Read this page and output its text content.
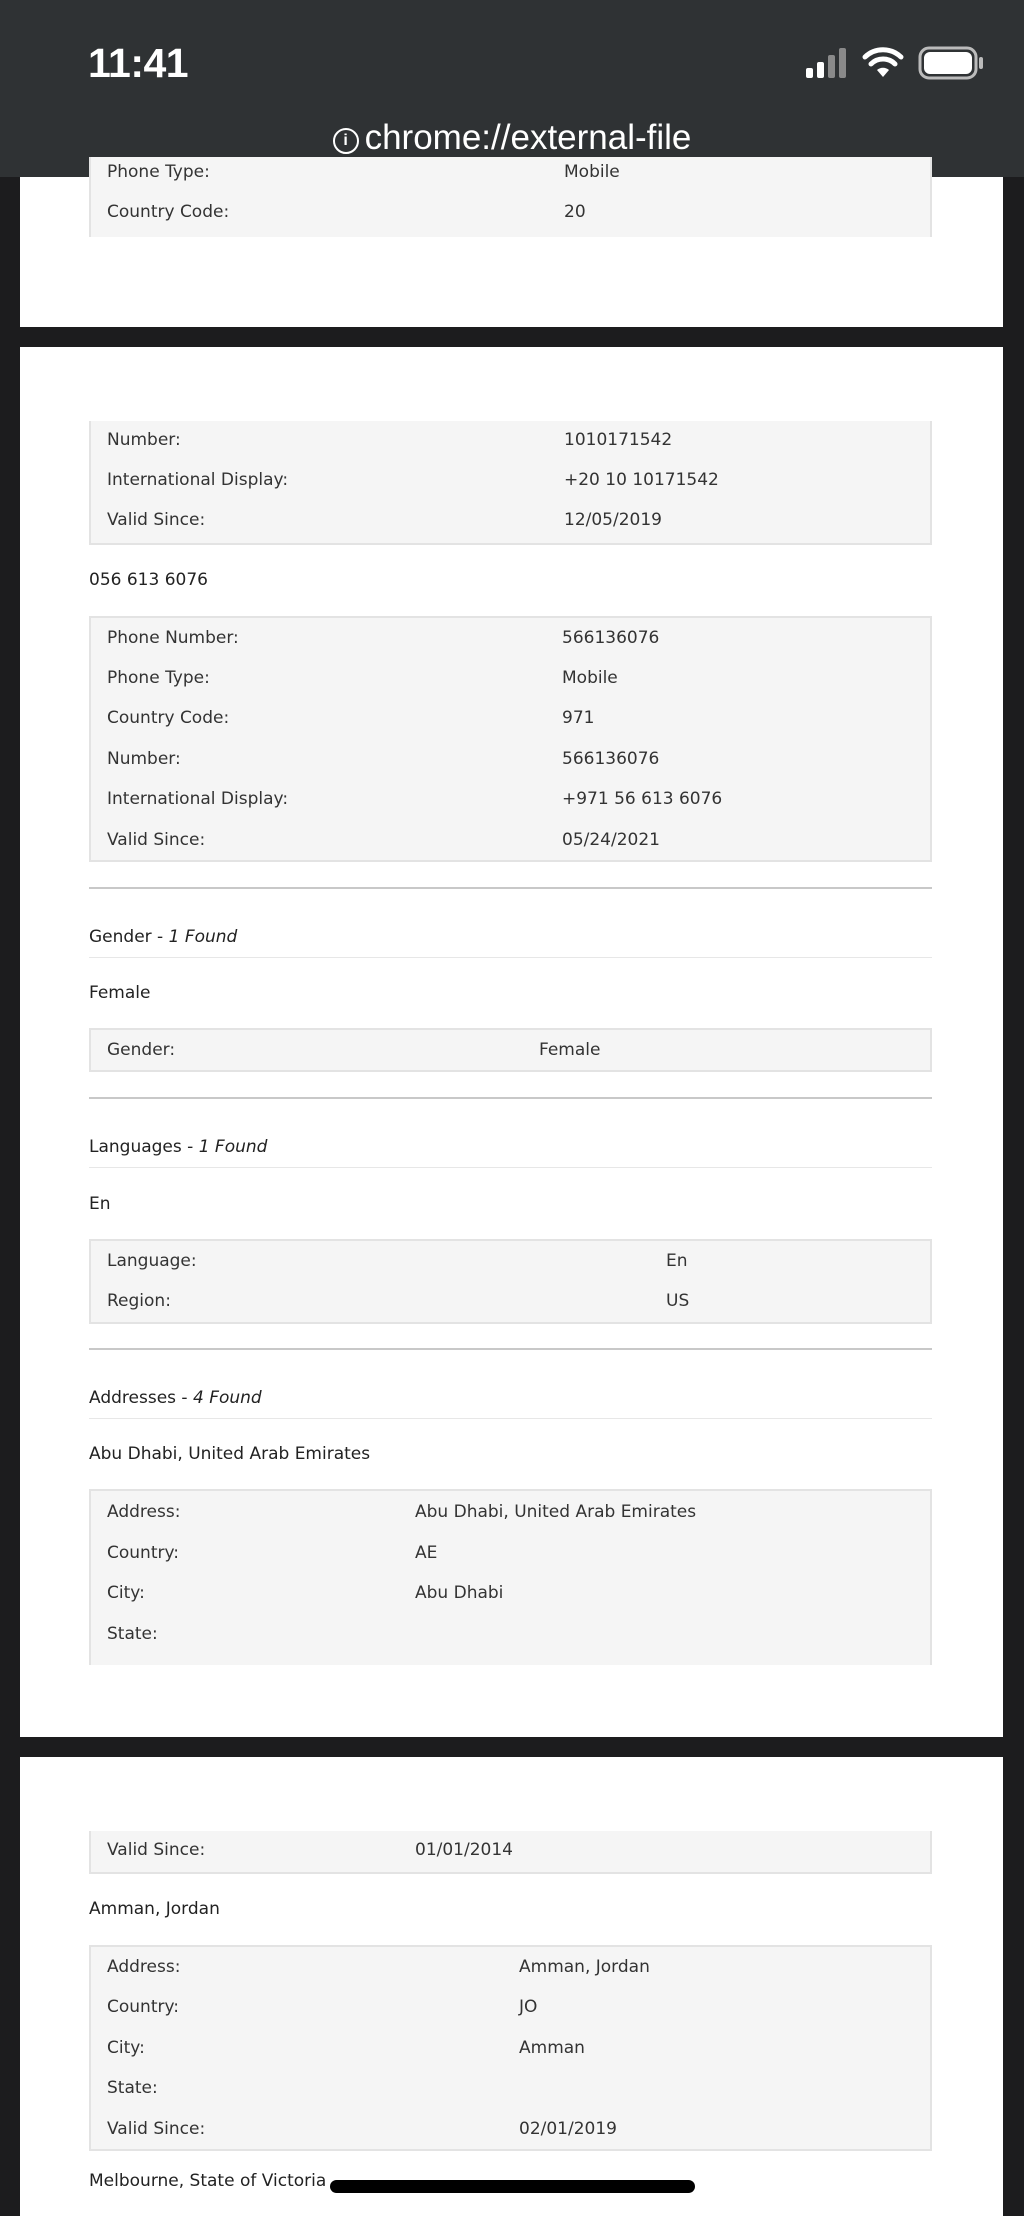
11:41
i chrome://external-file
Phone Type:	Mobile
Country Code:	20
Number:	1010171542
International Display:	+20 10 10171542
Valid Since:	12/05/2019
056 613 6076
Phone Number:	566136076
Phone Type:	Mobile
Country Code:	971
Number:	566136076
International Display:	+971 56 613 6076
Valid Since:	05/24/2021
Gender - 1 Found
Female
Gender:	Female
Languages - 1 Found
En
Language:	En
Region:	US
Addresses - 4 Found
Abu Dhabi, United Arab Emirates
Address:	Abu Dhabi, United Arab Emirates
Country:	AE
City:	Abu Dhabi
State:
Valid Since:	01/01/2014
Amman, Jordan
Address:	Amman, Jordan
Country:	JO
City:	Amman
State:
Valid Since:	02/01/2019
Melbourne, State of Victoria
